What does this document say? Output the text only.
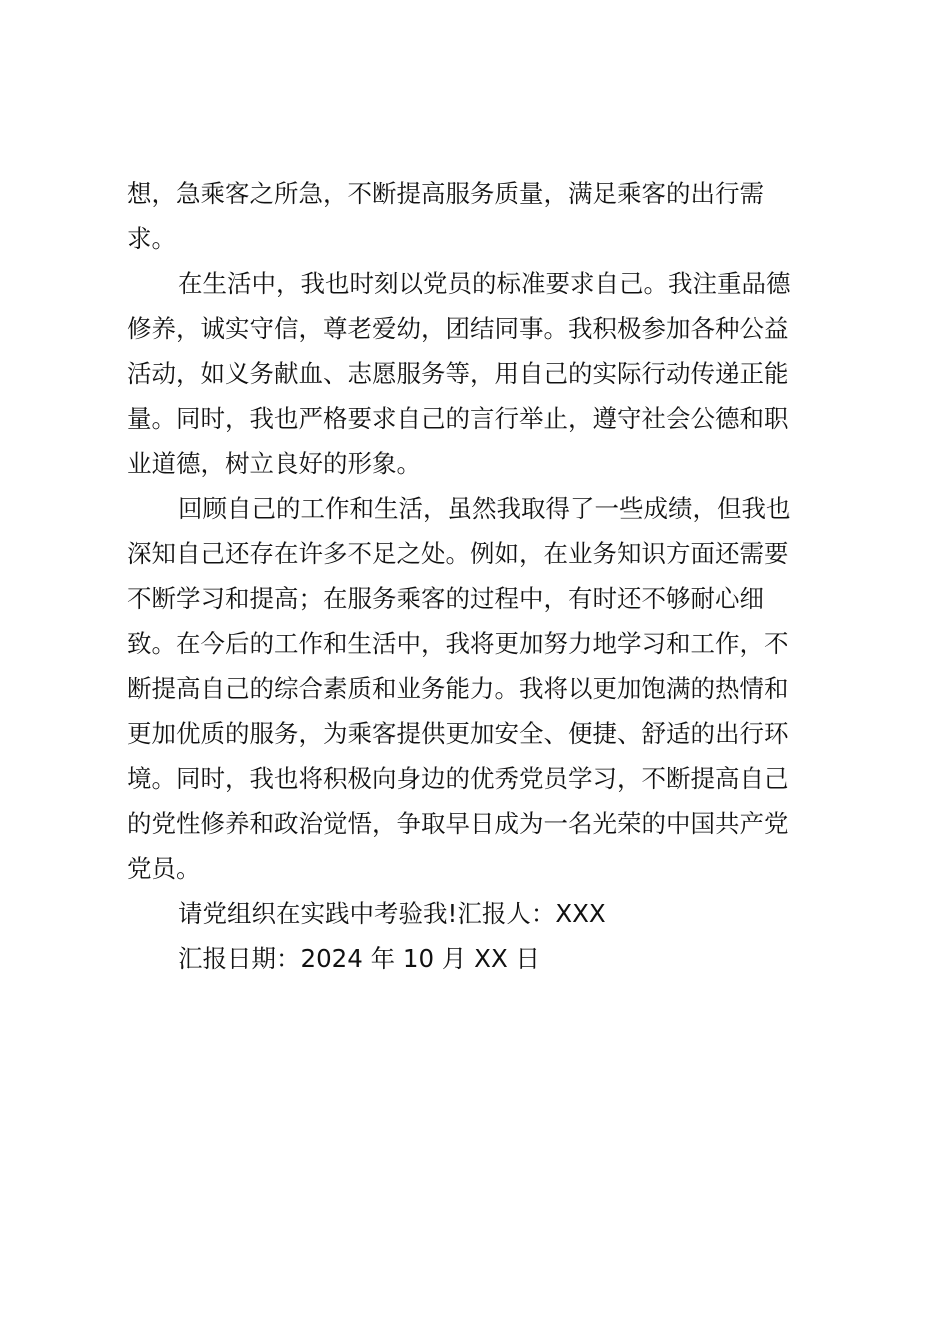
想，急乘客之所急，不断提高服务质量，满足乘客的出行需
求。

在生活中，我也时刻以党员的标准要求自己。我注重品德
修养，诚实守信，尊老爱幼，团结同事。我积极参加各种公益
活动，如义务献血、志愿服务等，用自己的实际行动传递正能
量。同时，我也严格要求自己的言行举止，遵守社会公德和职
业道德，树立良好的形象。

回顾自己的工作和生活，虽然我取得了一些成绩，但我也
深知自己还存在许多不足之处。例如，在业务知识方面还需要
不断学习和提高；在服务乘客的过程中，有时还不够耐心细
致。在今后的工作和生活中，我将更加努力地学习和工作，不
断提高自己的综合素质和业务能力。我将以更加饱满的热情和
更加优质的服务，为乘客提供更加安全、便捷、舒适的出行环
境。同时，我也将积极向身边的优秀党员学习，不断提高自己
的党性修养和政治觉悟，争取早日成为一名光荣的中国共产党
党员。

请党组织在实践中考验我!汇报人：XXX

汇报日期：2024 年 10 月 XX 日
